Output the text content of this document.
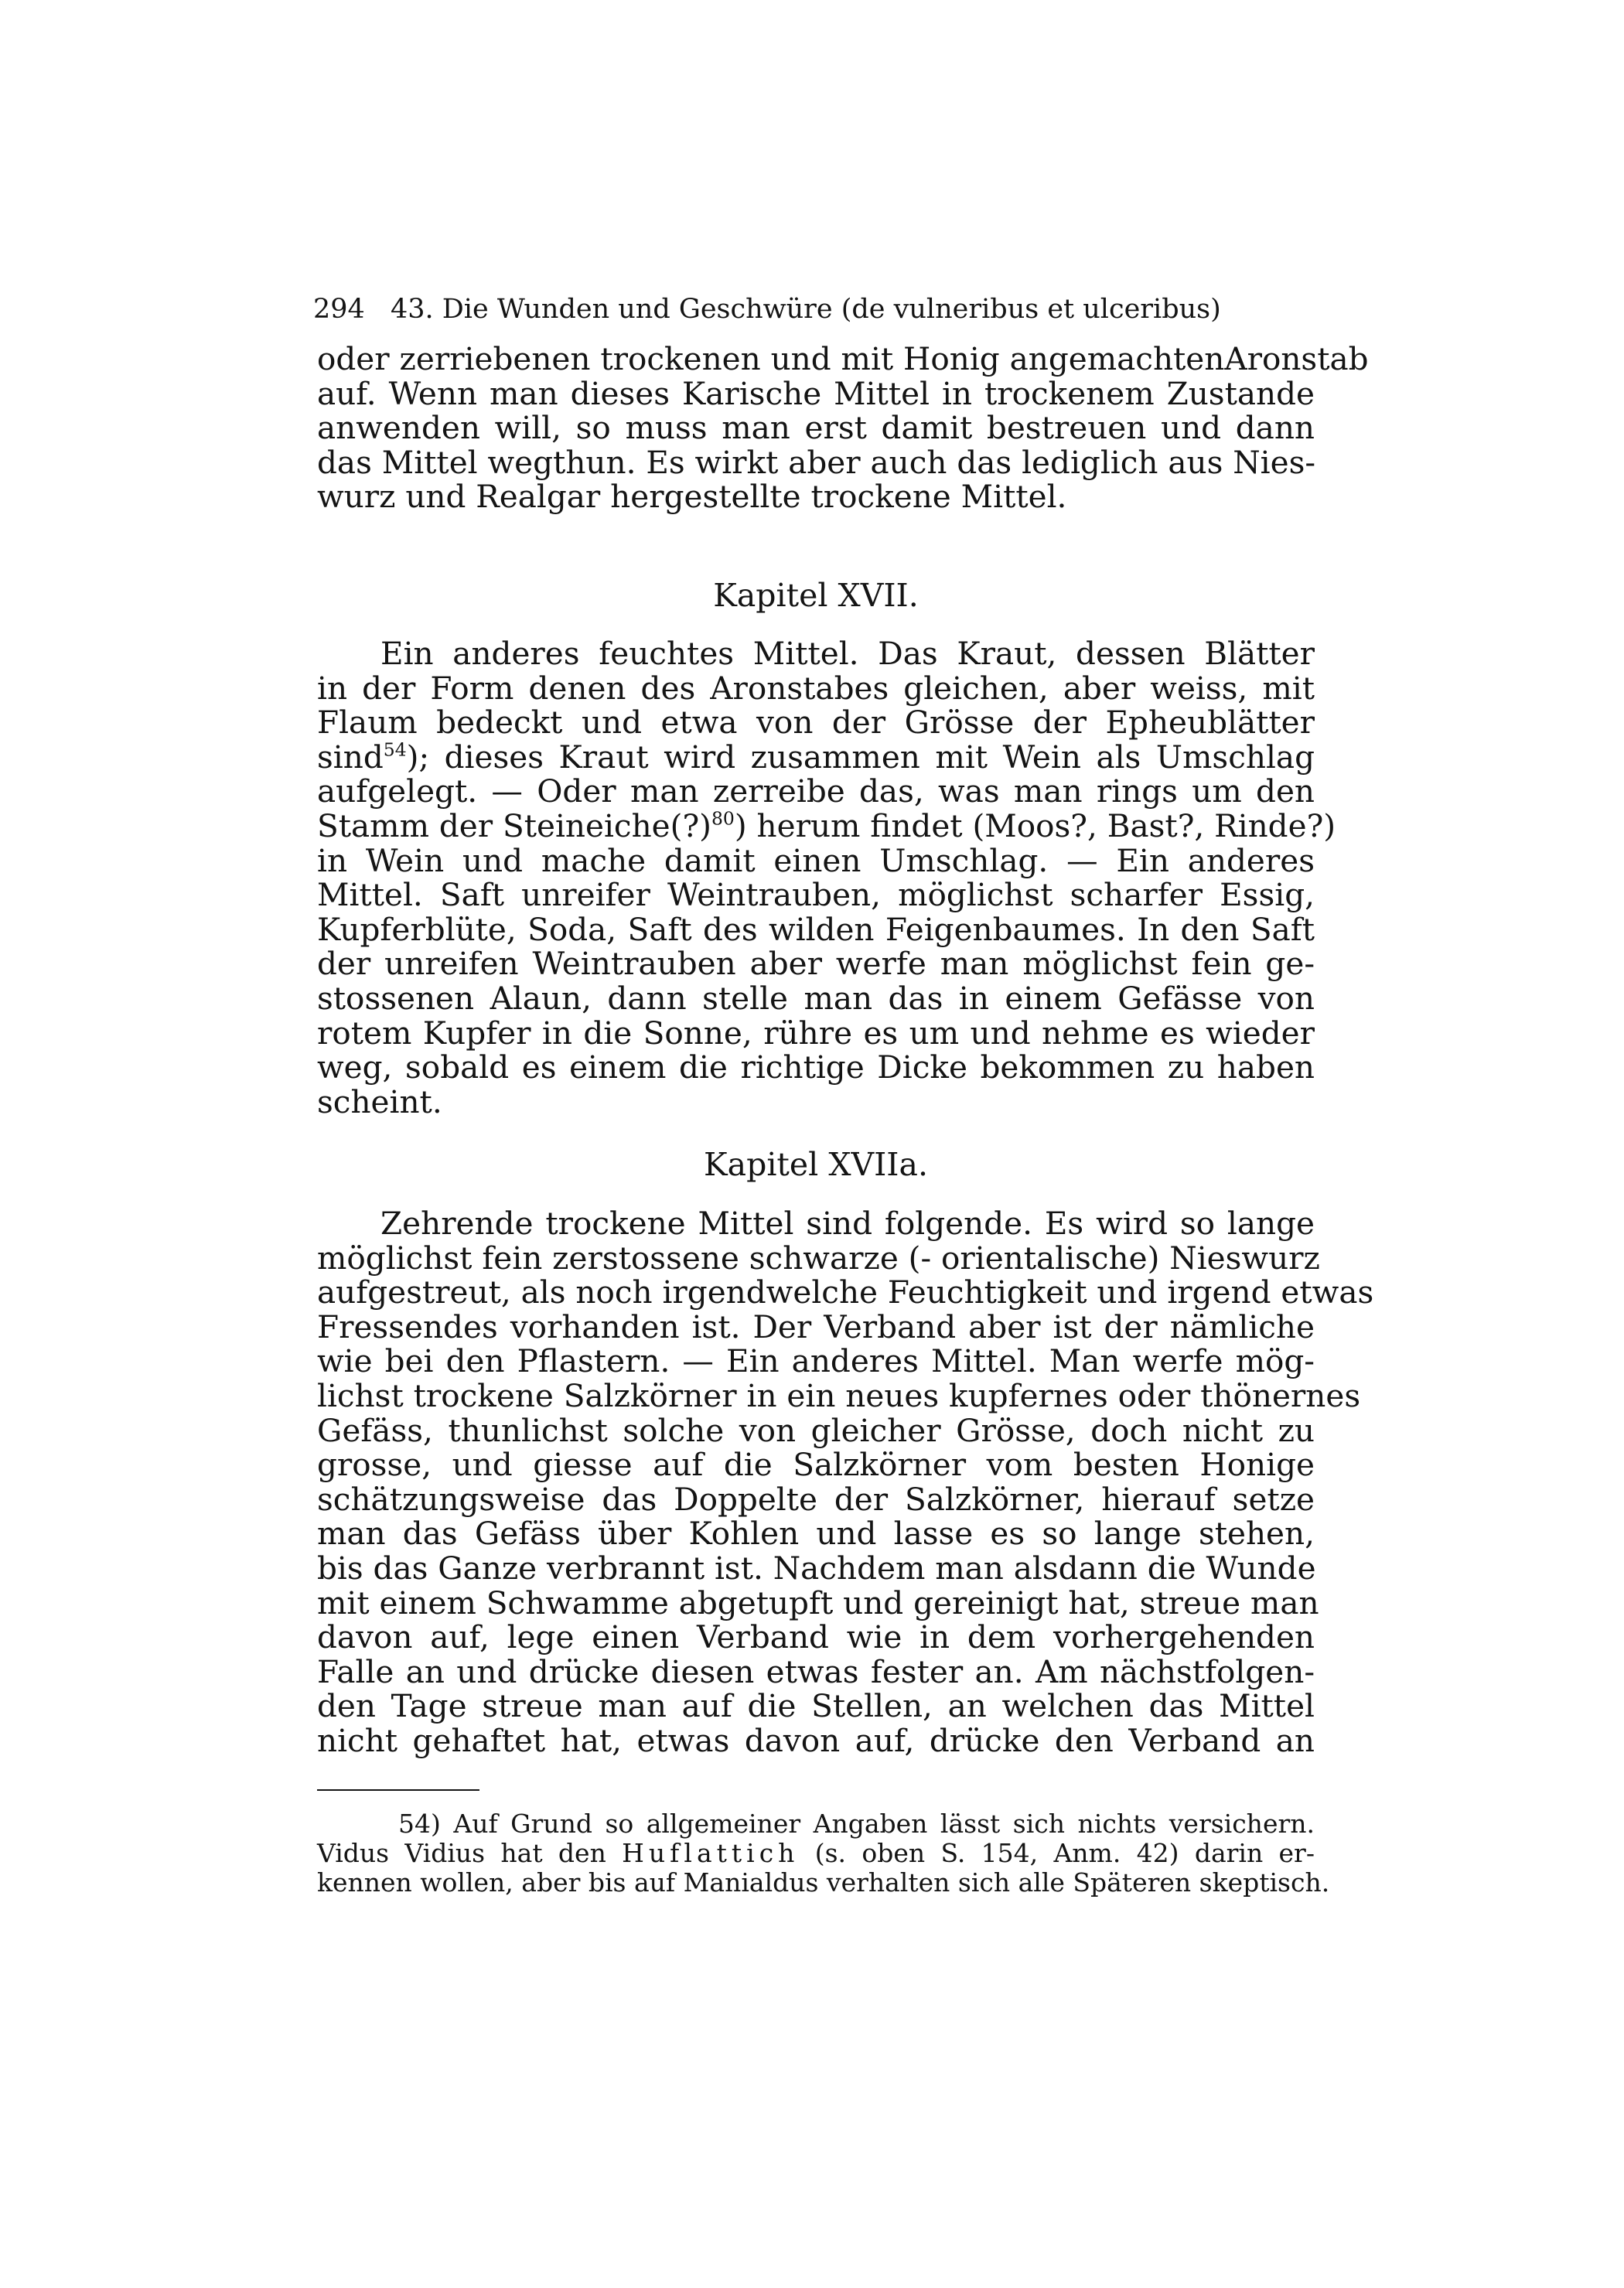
294 43. Die Wunden und Geschwüre (de vulneribus et ulceribus)
oder zerriebenen trockenen und mit Honig angemachtenAronstab
auf. Wenn man dieses Karische Mittel in trockenem Zustande
anwenden will, so muss man erst damit bestreuen und dann
das Mittel wegthun. Es wirkt aber auch das lediglich aus Nies-
wurz und Realgar hergestellte trockene Mittel.
Kapitel XVII.
Ein anderes feuchtes Mittel. Das Kraut, dessen Blätter
in der Form denen des Aronstabes gleichen, aber weiss, mit
Flaum bedeckt und etwa von der Grösse der Epheublätter
sind$^{54}$); dieses Kraut wird zusammen mit Wein als Umschlag
aufgelegt. — Oder man zerreibe das, was man rings um den
Stamm der Steineiche(?)$^{80}$) herum findet (Moos?, Bast?, Rinde?)
in Wein und mache damit einen Umschlag. — Ein anderes
Mittel. Saft unreifer Weintrauben, möglichst scharfer Essig,
Kupferblüte, Soda, Saft des wilden Feigenbaumes. In den Saft
der unreifen Weintrauben aber werfe man möglichst fein ge-
stossenen Alaun, dann stelle man das in einem Gefässe von
rotem Kupfer in die Sonne, rühre es um und nehme es wieder
weg, sobald es einem die richtige Dicke bekommen zu haben
scheint.
Kapitel XVIIa.
Zehrende trockene Mittel sind folgende. Es wird so lange
möglichst fein zerstossene schwarze (- orientalische) Nieswurz
aufgestreut, als noch irgendwelche Feuchtigkeit und irgend etwas
Fressendes vorhanden ist. Der Verband aber ist der nämliche
wie bei den Pflastern. — Ein anderes Mittel. Man werfe mög-
lichst trockene Salzkörner in ein neues kupfernes oder thönernes
Gefäss, thunlichst solche von gleicher Grösse, doch nicht zu
grosse, und giesse auf die Salzkörner vom besten Honige
schätzungsweise das Doppelte der Salzkörner, hierauf setze
man das Gefäss über Kohlen und lasse es so lange stehen,
bis das Ganze verbrannt ist. Nachdem man alsdann die Wunde
mit einem Schwamme abgetupft und gereinigt hat, streue man
davon auf, lege einen Verband wie in dem vorhergehenden
Falle an und drücke diesen etwas fester an. Am nächstfolgen-
den Tage streue man auf die Stellen, an welchen das Mittel
nicht gehaftet hat, etwas davon auf, drücke den Verband an
54) Auf Grund so allgemeiner Angaben lässt sich nichts versichern.
Vidus Vidius hat den Huflattich (s. oben S. 154, Anm. 42) darin er-
kennen wollen, aber bis auf Manialdus verhalten sich alle Späteren skeptisch.
